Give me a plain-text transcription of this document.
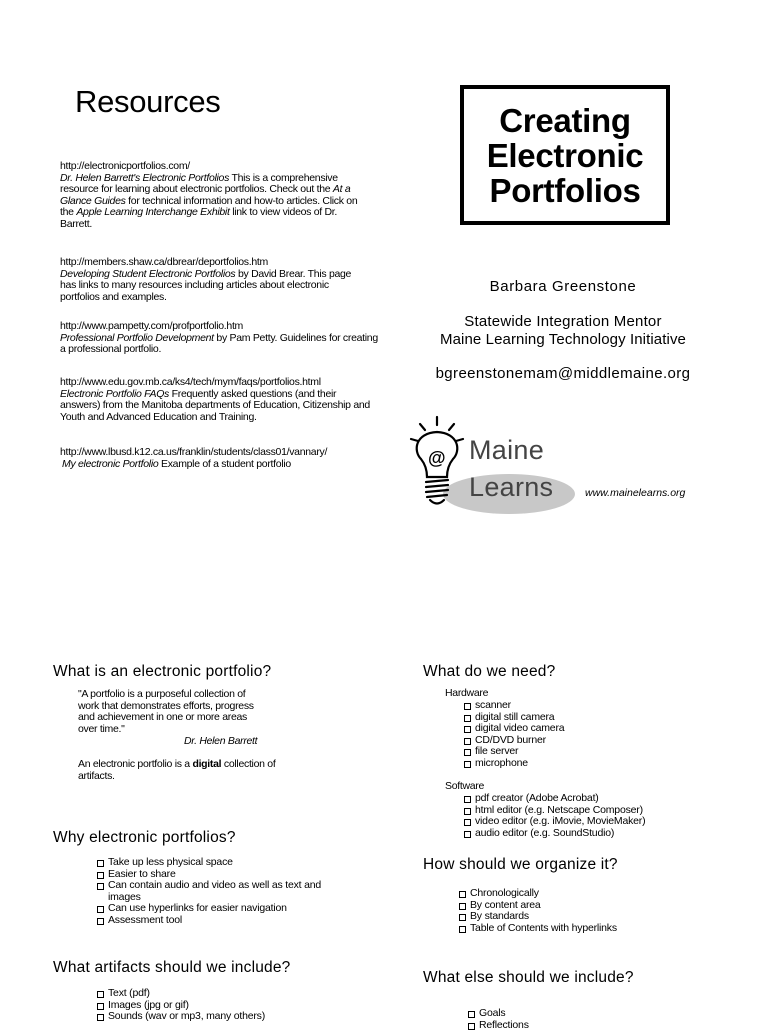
Resources
http://electronicportfolios.com/
Dr. Helen Barrett's Electronic Portfolios This is a comprehensive resource for learning about electronic portfolios. Check out the At a Glance Guides for technical information and how-to articles. Click on the Apple Learning Interchange Exhibit link to view videos of Dr. Barrett.
http://members.shaw.ca/dbrear/deportfolios.htm
Developing Student Electronic Portfolios by David Brear. This page has links to many resources including articles about electronic portfolios and examples.
http://www.pampetty.com/profportfolio.htm
Professional Portfolio Development by Pam Petty. Guidelines for creating a professional portfolio.
http://www.edu.gov.mb.ca/ks4/tech/mym/faqs/portfolios.html
Electronic Portfolio FAQs Frequently asked questions (and their answers) from the Manitoba departments of Education, Citizenship and Youth and Advanced Education and Training.
http://www.lbusd.k12.ca.us/franklin/students/class01/vannary/
My electronic Portfolio Example of a student portfolio
Creating
Electronic
Portfolios
Barbara Greenstone
Statewide Integration Mentor
Maine Learning Technology Initiative
bgreenstonemam@middlemaine.org
@ Maine
Learns	www.mainelearns.org
What is an electronic portfolio?
"A portfolio is a purposeful collection of work that demonstrates efforts, progress and achievement in one or more areas over time."
Dr. Helen Barrett
An electronic portfolio is a digital collection of artifacts.
Why electronic portfolios?
Take up less physical space
Easier to share
Can contain audio and video as well as text and images
Can use hyperlinks for easier navigation
Assessment tool
What artifacts should we include?
Text (pdf)
Images (jpg or gif)
Sounds (wav or mp3, many others)
What do we need?
Hardware
scanner
digital still camera
digital video camera
CD/DVD burner
file server
microphone
Software
pdf creator (Adobe Acrobat)
html editor (e.g. Netscape Composer)
video editor (e.g. iMovie, MovieMaker)
audio editor (e.g. SoundStudio)
How should we organize it?
Chronologically
By content area
By standards
Table of Contents with hyperlinks
What else should we include?
Goals
Reflections
